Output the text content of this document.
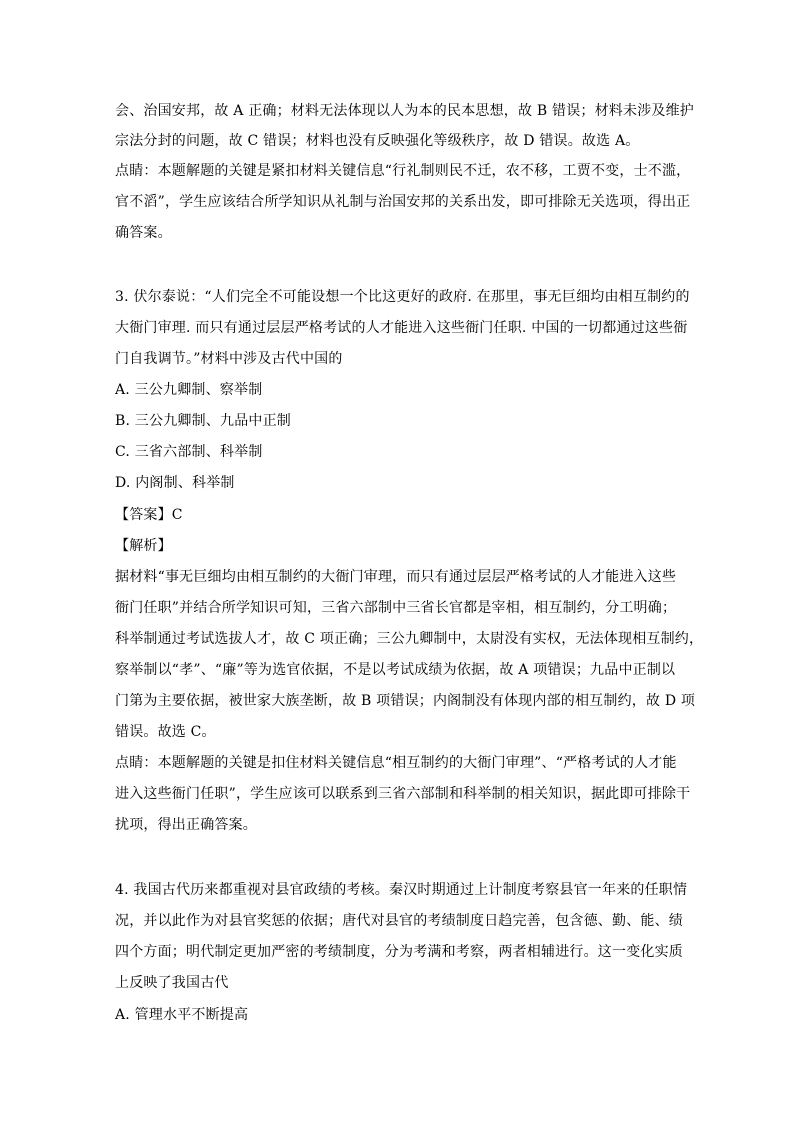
会、治国安邦，故 A 正确；材料无法体现以人为本的民本思想，故 B 错误；材料未涉及维护
宗法分封的问题，故 C 错误；材料也没有反映强化等级秩序，故 D 错误。故选 A。
点睛：本题解题的关键是紧扣材料关键信息“行礼制则民不迁，农不移，工贾不变，士不滥，
官不滔”，学生应该结合所学知识从礼制与治国安邦的关系出发，即可排除无关选项，得出正
确答案。
3. 伏尔泰说：“人们完全不可能设想一个比这更好的政府. 在那里，事无巨细均由相互制约的
大衙门审理. 而只有通过层层严格考试的人才能进入这些衙门任职. 中国的一切都通过这些衙
门自我调节。”材料中涉及古代中国的
A. 三公九卿制、察举制
B. 三公九卿制、九品中正制
C. 三省六部制、科举制
D. 内阁制、科举制
【答案】C
【解析】
据材料“事无巨细均由相互制约的大衙门审理，而只有通过层层严格考试的人才能进入这些
衙门任职”并结合所学知识可知，三省六部制中三省长官都是宰相，相互制约，分工明确；
科举制通过考试选拔人才，故 C 项正确；三公九卿制中，太尉没有实权，无法体现相互制约，
察举制以“孝”、“廉”等为选官依据，不是以考试成绩为依据，故 A 项错误；九品中正制以
门第为主要依据，被世家大族垄断，故 B 项错误；内阁制没有体现内部的相互制约，故 D 项
错误。故选 C。
点睛：本题解题的关键是扣住材料关键信息“相互制约的大衙门审理”、“严格考试的人才能
进入这些衙门任职”，学生应该可以联系到三省六部制和科举制的相关知识，据此即可排除干
扰项，得出正确答案。
4. 我国古代历来都重视对县官政绩的考核。秦汉时期通过上计制度考察县官一年来的任职情
况，并以此作为对县官奖惩的依据；唐代对县官的考绩制度日趋完善，包含德、勤、能、绩
四个方面；明代制定更加严密的考绩制度，分为考满和考察，两者相辅进行。这一变化实质
上反映了我国古代
A. 管理水平不断提高
